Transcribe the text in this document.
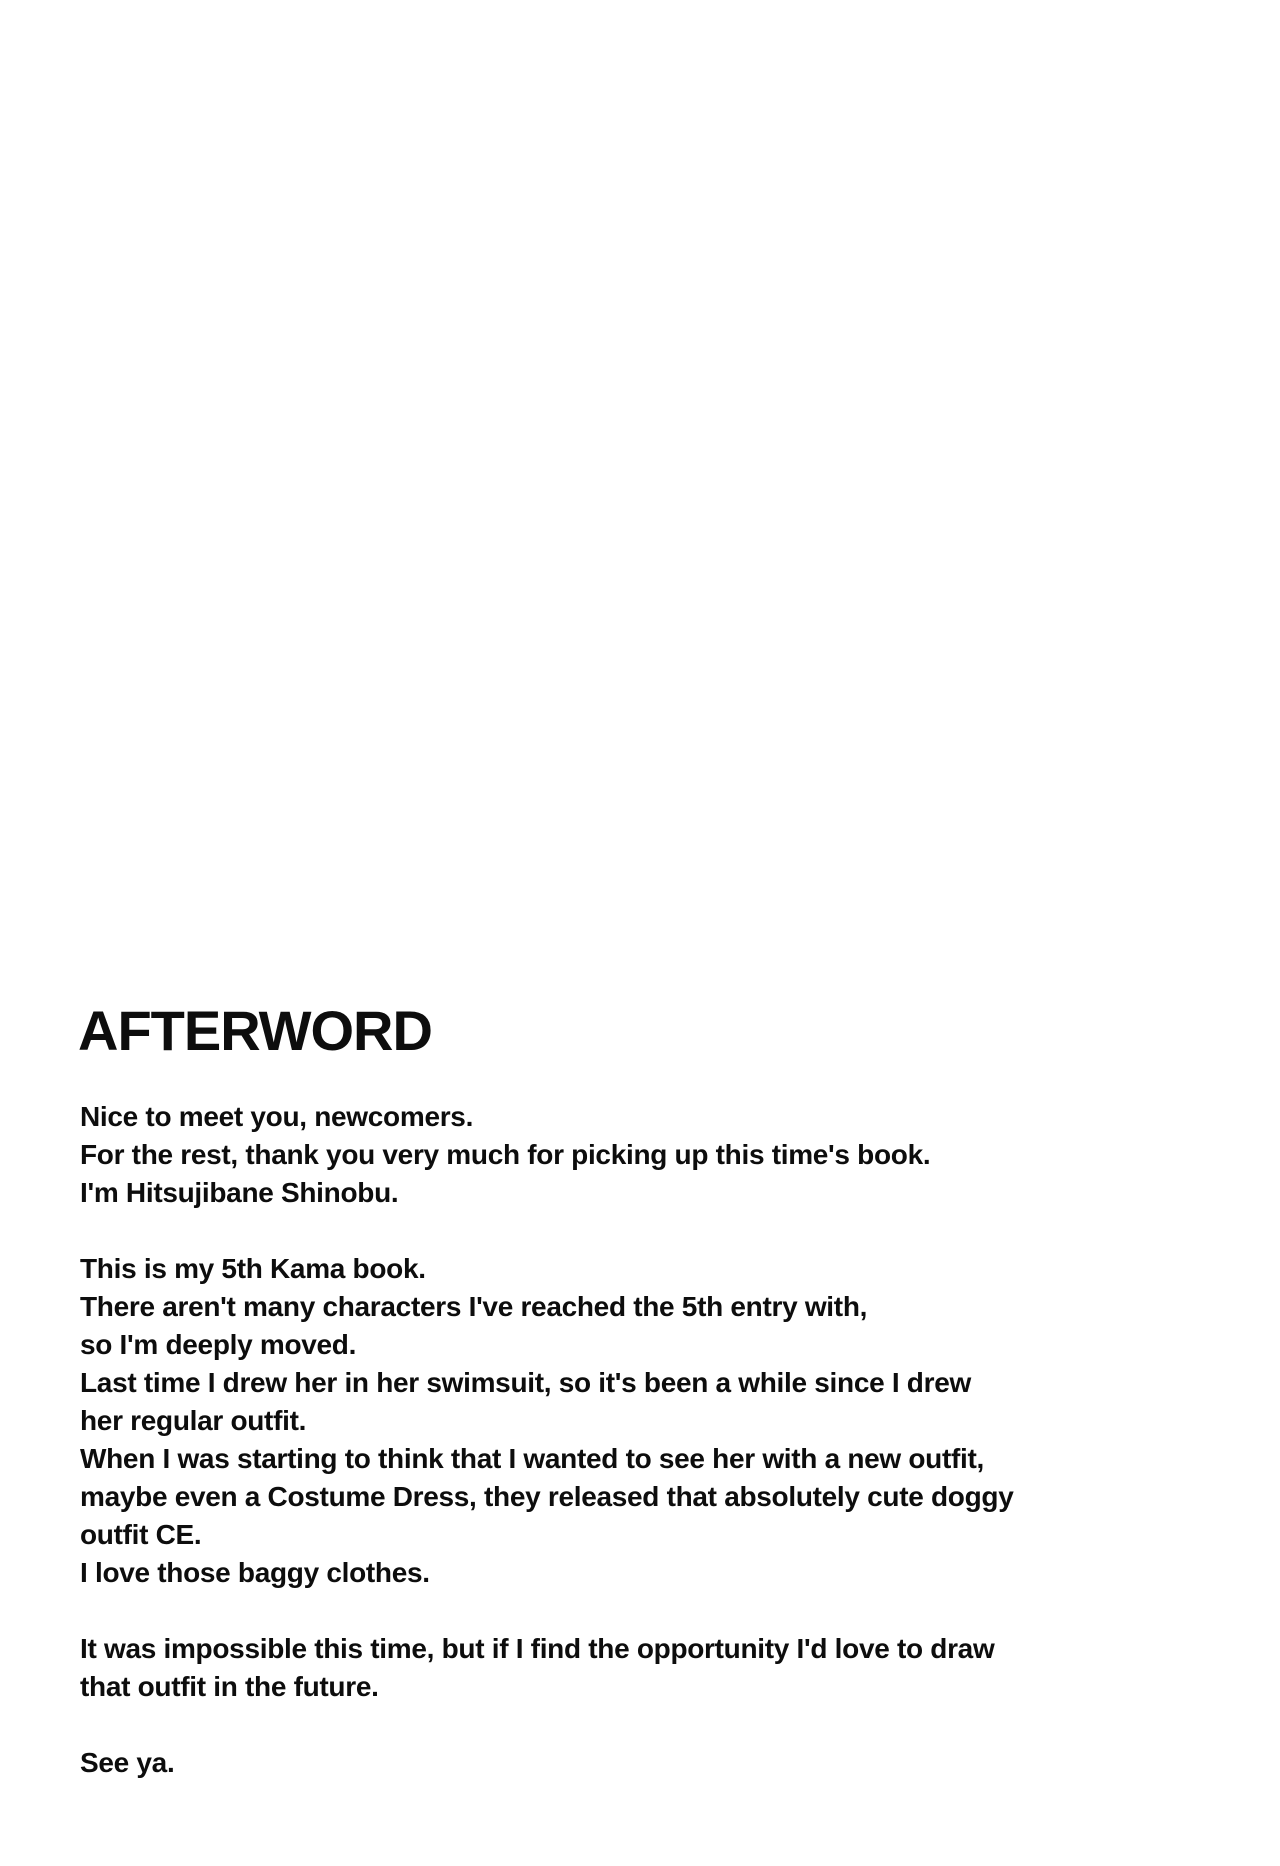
AFTERWORD

Nice to meet you, newcomers.
For the rest, thank you very much for picking up this time's book.
I'm Hitsujibane Shinobu.

This is my 5th Kama book.
There aren't many characters I've reached the 5th entry with,
so I'm deeply moved.
Last time I drew her in her swimsuit, so it's been a while since I drew
her regular outfit.
When I was starting to think that I wanted to see her with a new outfit,
maybe even a Costume Dress, they released that absolutely cute doggy
outfit CE.
I love those baggy clothes.

It was impossible this time, but if I find the opportunity I'd love to draw
that outfit in the future.

See ya.
